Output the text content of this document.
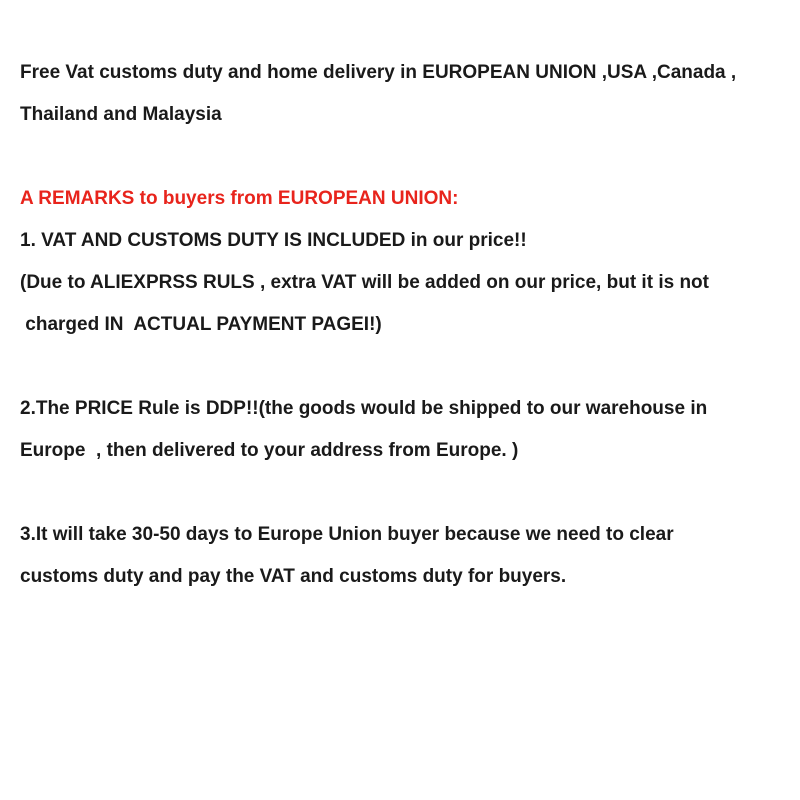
Free Vat customs duty and home delivery in EUROPEAN UNION ,USA ,Canada ,
Thailand and Malaysia
A REMARKS to buyers from EUROPEAN UNION:
1. VAT AND CUSTOMS DUTY IS INCLUDED in our price!!
(Due to ALIEXPRSS RULS , extra VAT will be added on our price, but it is not
charged IN  ACTUAL PAYMENT PAGEI!)
2.The PRICE Rule is DDP!!(the goods would be shipped to our warehouse in
Europe  , then delivered to your address from Europe. )
3.It will take 30-50 days to Europe Union buyer because we need to clear
customs duty and pay the VAT and customs duty for buyers.
